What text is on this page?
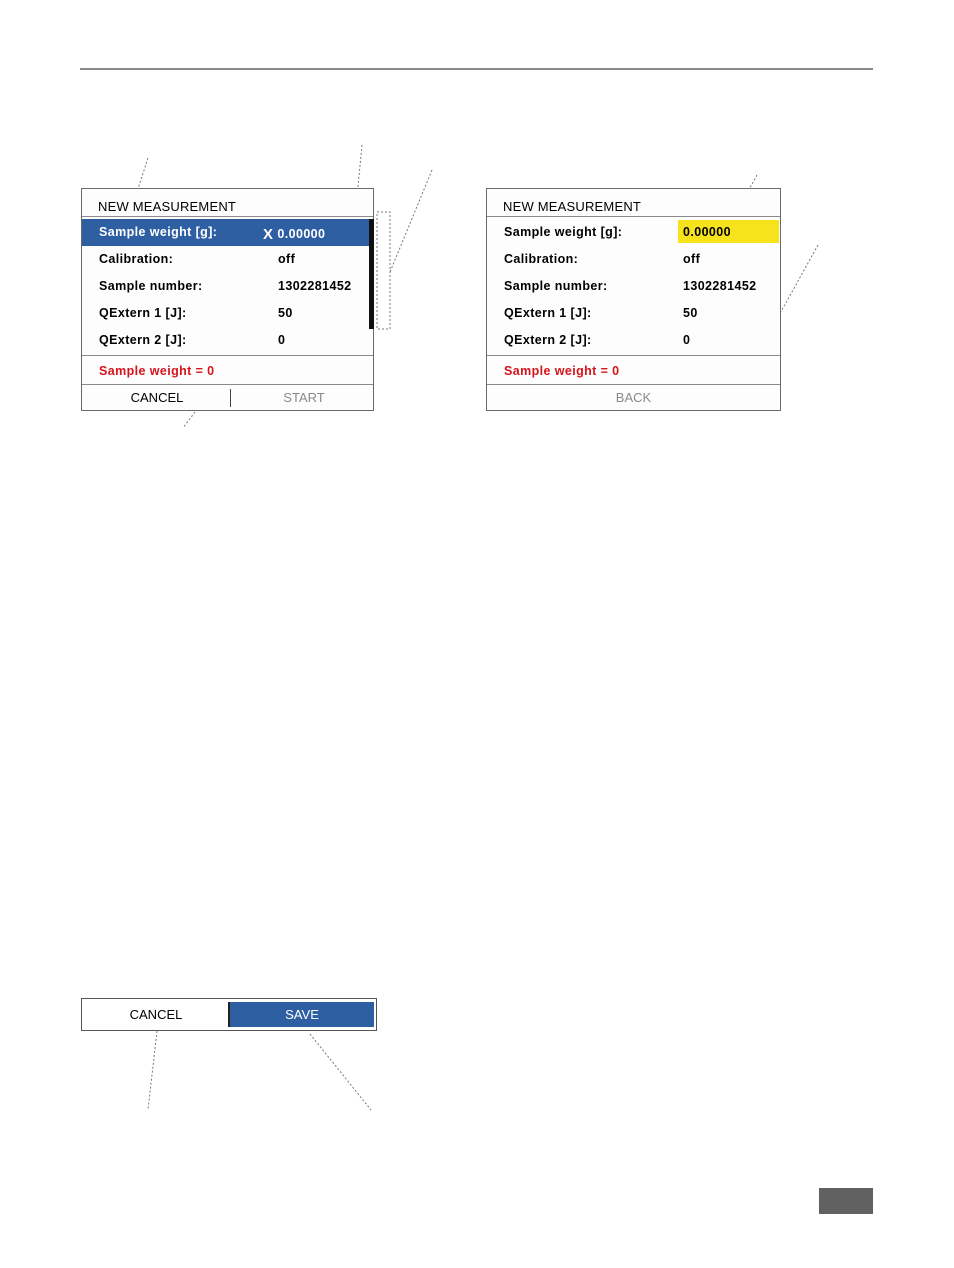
NEW MEASUREMENT
Sample weight [g]:	X 0.00000
Calibration:	off
Sample number:	1302281452
QExtern 1 [J]:	50
QExtern 2 [J]:	0
Sample weight = 0
CANCEL	START
NEW MEASUREMENT
Sample weight [g]:	0.00000
Calibration:	off
Sample number:	1302281452
QExtern 1 [J]:	50
QExtern 2 [J]:	0
Sample weight = 0
BACK
CANCEL	SAVE
